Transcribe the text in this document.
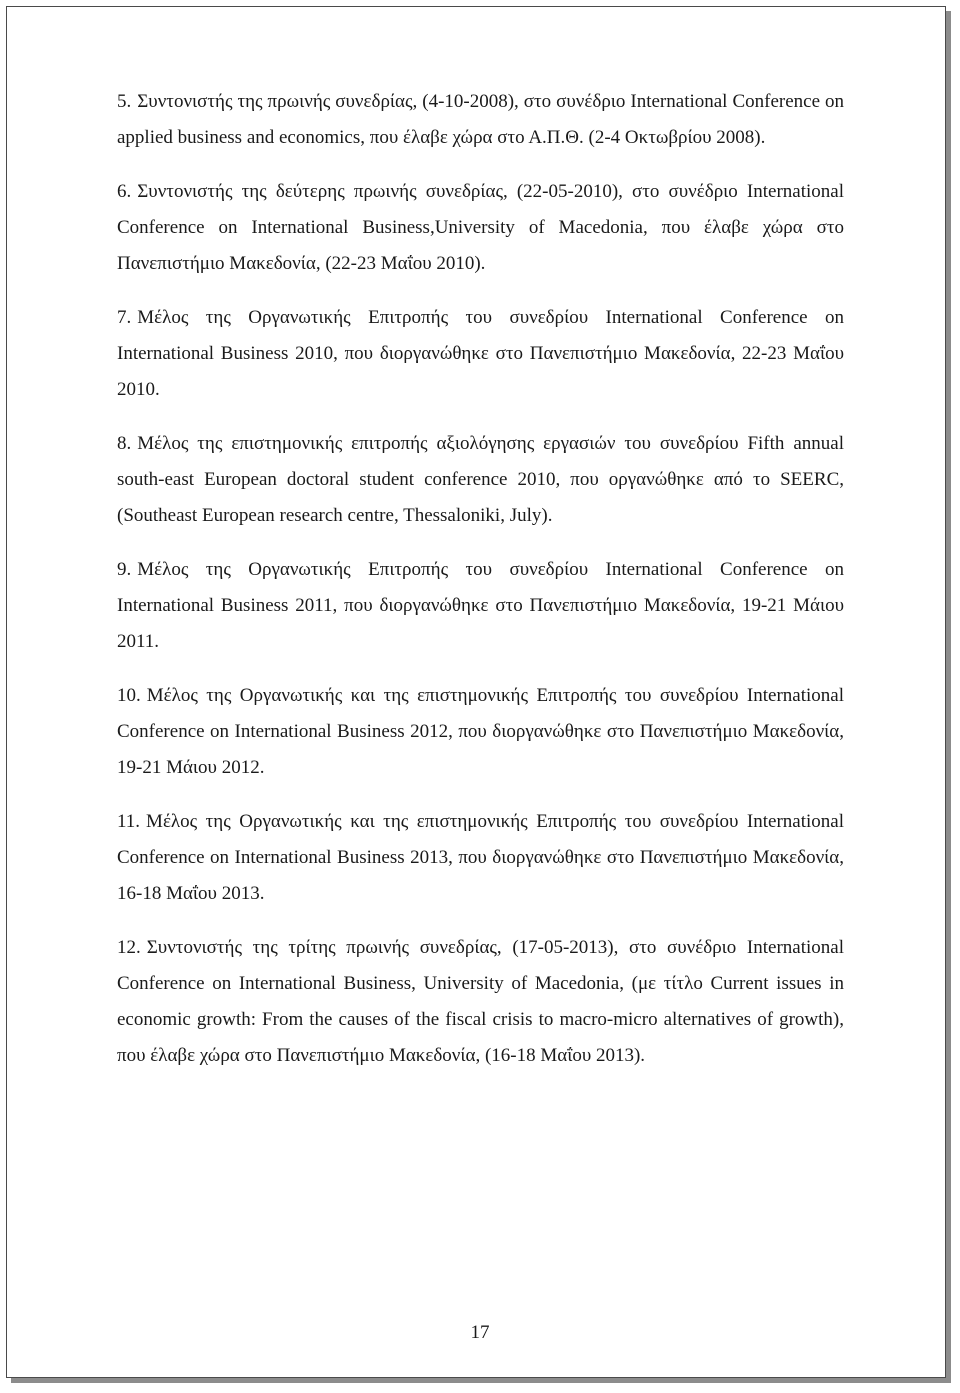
5. Συντονιστής της πρωινής συνεδρίας, (4-10-2008), στο συνέδριο International Conference on applied business and economics, που έλαβε χώρα στο Α.Π.Θ. (2-4 Οκτωβρίου 2008).

6. Συντονιστής της δεύτερης πρωινής συνεδρίας, (22-05-2010), στο συνέδριο International Conference on International Business,University of Macedonia, που έλαβε χώρα στο Πανεπιστήμιο Μακεδονία, (22-23 Μαΐου 2010).

7. Μέλος της Οργανωτικής Επιτροπής του συνεδρίου International Conference on International Business 2010, που διοργανώθηκε στο Πανεπιστήμιο Μακεδονία, 22-23 Μαΐου 2010.

8. Μέλος της επιστημονικής επιτροπής αξιολόγησης εργασιών του συνεδρίου Fifth annual south-east European doctoral student conference 2010, που οργανώθηκε από το SEERC, (Southeast European research centre, Thessaloniki, July).

9. Μέλος της Οργανωτικής Επιτροπής του συνεδρίου International Conference on International Business 2011, που διοργανώθηκε στο Πανεπιστήμιο Μακεδονία, 19-21 Μάιου 2011.

10. Μέλος της Οργανωτικής και της επιστημονικής Επιτροπής του συνεδρίου International Conference on International Business 2012, που διοργανώθηκε στο Πανεπιστήμιο Μακεδονία, 19-21 Μάιου 2012.

11. Μέλος της Οργανωτικής και της επιστημονικής Επιτροπής του συνεδρίου International Conference on International Business 2013, που διοργανώθηκε στο Πανεπιστήμιο Μακεδονία, 16-18 Μαΐου 2013.

12. Συντονιστής της τρίτης πρωινής συνεδρίας, (17-05-2013), στο συνέδριο International Conference on International Business, University of Macedonia, (με τίτλο Current issues in economic growth: From the causes of the fiscal crisis to macro-micro alternatives of growth), που έλαβε χώρα στο Πανεπιστήμιο Μακεδονία, (16-18 Μαΐου 2013).

17
